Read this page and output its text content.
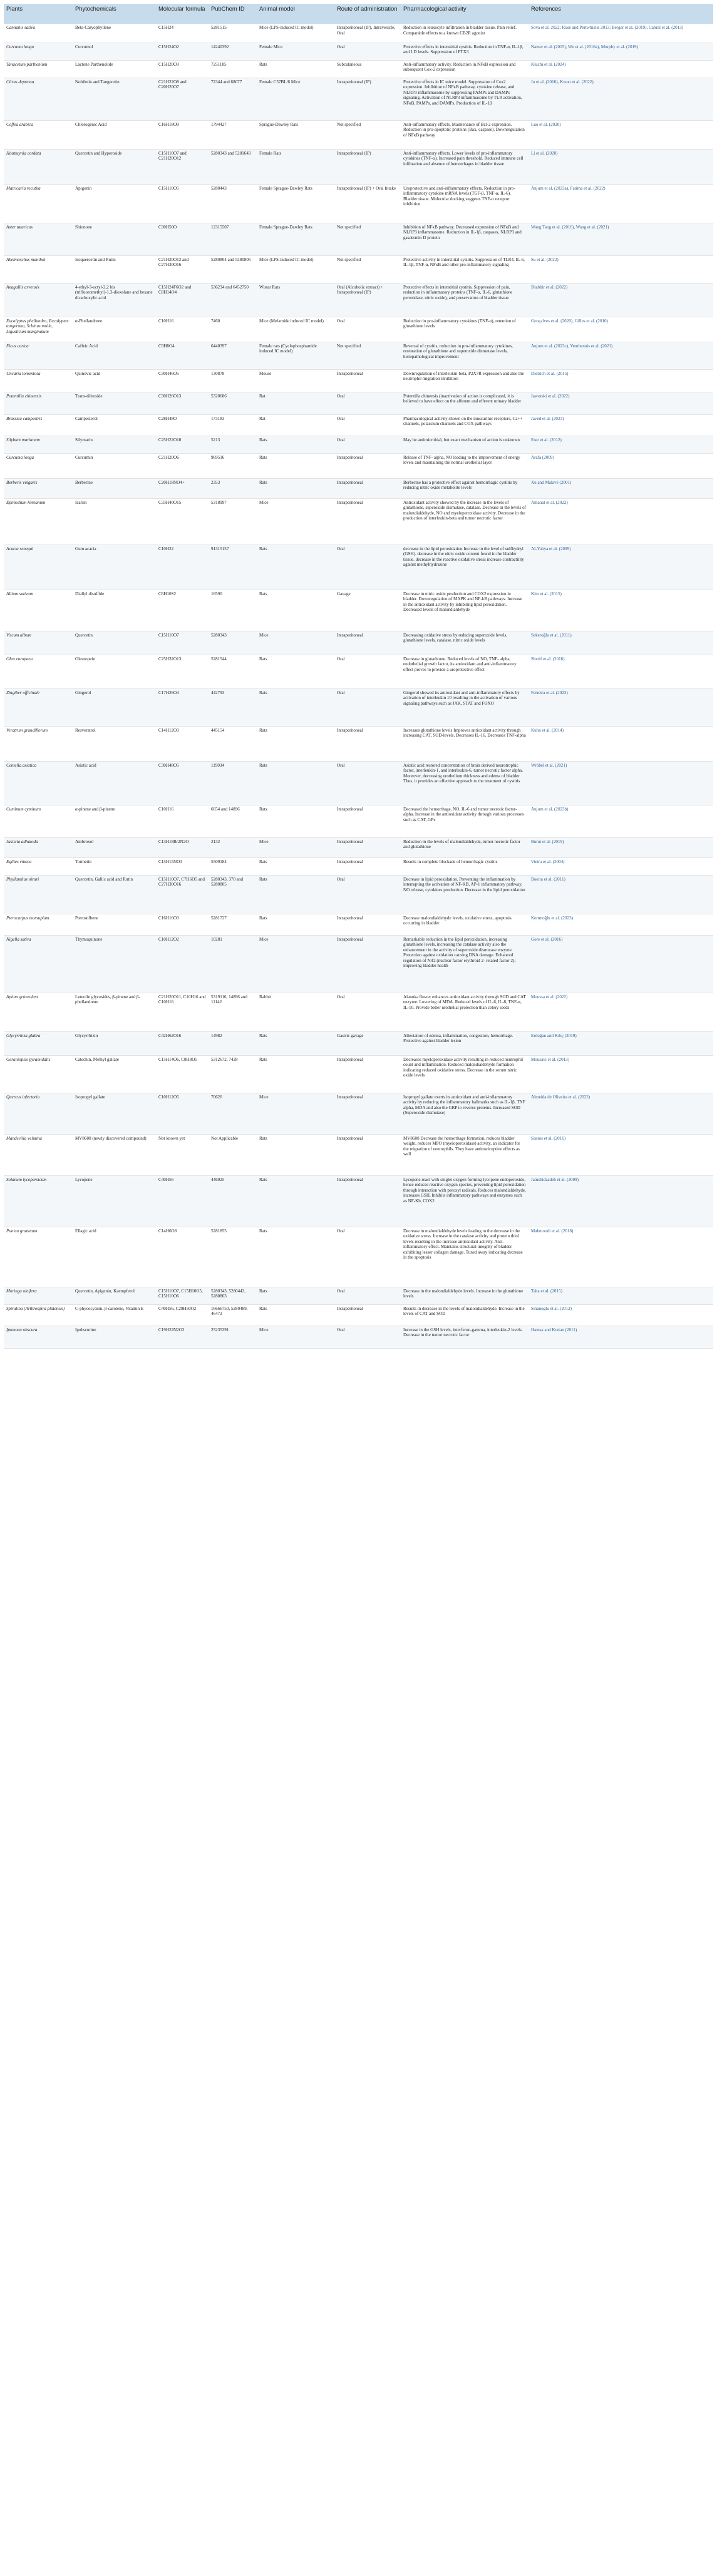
Plants	Phytochemicals	Molecular formula	PubChem ID	Animal model	Route of administration	Pharmacological activity	References
Cannabis sativa	Beta-Caryophyllene	C15H24	5281515	Mice (LPS-induced IC model)	Intraperitoneal (IP), Intravesicle, Oral	Reduction in leukocyte infiltration in bladder tissue. Pain relief. Comparable effects to a known CB2R agonist	Sova et al. 2022; Rosé and Pertwhistle 2013; Berger et al. (2019), Cabral et al. (2013)
Curcuma longa	Curcumol	C15H24O2	14240392	Female Mice	Oral	Protective effects in interstitial cystitis. Reduction in TNF-α, IL-1β, and LD levels. Suppression of PTX3	Namer et al. (2015), Wu et al. (2016a), Murphy et al. (2019)
Tanacetum parthenium	Lactone Parthenolide	C15H20O3	7251185	Rats	Subcutaneous	Anti-inflammatory activity. Reduction in NFκB expression and subsequent Cox-2 expression	Kiuchi et al. (2024)
Citrus depressa	Nobiletin and Tangeretin	C21H22O8 and C20H20O7	72344 and 68077	Female C57BL/6 Mice	Intraperitoneal (IP)	Protective effects in IC mice model. Suppression of Cox2 expression. Inhibition of NFκB pathway, cytokine release, and NLRP3 inflammasome by suppressing PAMPs and DAMPs signaling. Activation of NLRP3 inflammasome by TLR activation, NFκB, PAMPs, and DAMPs. Production of IL-1β	Jo et al. (2016), Kwon et al. (2022)
Coffea arabica	Chlorogenic Acid	C16H18O9	1794427	Sprague-Dawley Rats	Not specified	Anti-inflammatory effects. Maintenance of Bcl-2 expression. Reduction in pro-apoptotic proteins (Bax, caspase). Downregulation of NFκB pathway	Luo et al. (2020)
Houttuynia cordata	Quercetin and Hyperoside	C15H10O7 and C21H20O12	5280343 and 5281643	Female Rats	Intraperitoneal (IP)	Anti-inflammatory effects. Lower levels of pro-inflammatory cytokines (TNF-α). Increased pain threshold. Reduced immune cell infiltration and absence of hemorrhages in bladder tissue	Li et al. (2020)
Matricaria recutita	Apigenin	C15H10O5	5280443	Female Sprague-Dawley Rats	Intraperitoneal (IP) + Oral Intake	Uroprotective and anti-inflammatory effects. Reduction in pro-inflammatory cytokine mRNA levels (TGF-β, TNF-α, IL-6). Bladder tissue. Molecular docking suggests TNF-α receptor inhibition	Anjum et al. (2023a), Fatima et al. (2022)
Aster tataricus	Shionone	C30H50O	12315507	Female Sprague-Dawley Rats	Not specified	Inhibition of NFκB pathway. Decreased expression of NFκB and NLRP3 inflammasome. Reduction in IL-1β, caspases, NLRP3 and gasdermin D protein	Wang Tang et al. (2016), Wang et al. (2021)
Abelmoschus manihot	Isoquercetin and Rutin	C21H20O12 and C27H30O16	5280804 and 5280805	Mice (LPS-induced IC model)	Not specified	Protective activity in interstitial cystitis. Suppression of TLR4, IL-6, IL-1β, TNF-α, NFκB and other pro-inflammatory signaling	Su et al. (2022)
Anagallis arvensis	4-ethyl-3-octyl-2,2 bis (trifluoromethyl)-1,3-dioxolane and hexane dicarboxylic acid	C15H24F6O2 and C8H14O4	536234 and 6452750	Wistar Rats	Oral (Alcoholic extract) + Intraperitoneal (IP)	Protective effects in interstitial cystitis. Suppression of pain, reduction in inflammatory proteins (TNF-α, IL-6, glutathione peroxidase, nitric oxide), and preservation of bladder tissue	Shabbir et al. (2022)
Eucalyptus phellandra, Eucalyptus tangerana, Schinus molle, Ligusticum marginatum	α-Phellandrene	C10H16	7460	Mice (Mefamide induced IC model)	Oral	Reduction in pro-inflammatory cytokines (TNF-α), retention of glutathione levels	Gonçalves et al. (2020), Gilles et al. (2010)
Ficus carica	Caffeic Acid	C9H8O4	6440397	Female rats (Cyclophosphamide induced IC model)	Not specified	Reversal of cystitis, reduction in pro-inflammatory cytokines, restoration of glutathione and superoxide dismutase levels, histopathological improvement	Anjum et al. (2023c), Vembennis et al. (2021)
Uncaria tomentosa	Quinovic acid	C30H46O5	130878	Mouse	Intraperitoneal	Downregulation of interleukin-beta, P2X7R expression and also the neutrophil migration inhibition	Dietrich et al. (2015)
Potentilla chinensis	Trans-tiliroside	C30H26O13	5320686	Rat	Oral	Potentilla chinensis (inactivation of action is complicated, it is believed to have effect on the afferent and efferent urinary bladder	Jaworski et al. (2022)
Brassica campestris	Campesterol	C28H48O	173183	Rat	Oral	Pharmacological activity shown on the muscarinic receptors, Ca++ channels, potassium channels and COX pathways	Javed et al. (2023)
Silybum marianum	Silymarin	C25H22O10	5213	Rats	Oral	May be antimicrobial, but exact mechanism of action is unknown	Eser et al. (2012)
Curcuma longa	Curcumin	C21H20O6	969516	Rats	Intraperitoneal	Release of TNF- alpha, NO leading to the improvement of energy levels and maintaining the normal urothelial layer	Arafa (2009)
Berberis vulgaris	Berberine	C20H18NO4+	2353	Rats	Intraperitoneal	Berberine has a protective effect against hemorrhagic cystitis by reducing nitric oxide metabolite levels	Xu and Malavé (2001)
Epimedium koreanum	Icariin	C33H40O15	5318997	Mice	Intraperitoneal	Antioxidant activity showed by the increase in the levels of glutathione, superoxide dismutase, catalase. Decrease in the levels of malondialdehyde, NO and myeloperoxidase activity. Decrease in the production of interleukin-beta and tumor necrotic factor	Amanat et al. (2022)
Acacia senegal	Gum acacia	C10H22	91315157	Rats	Oral	decrease in the lipid peroxidation Increase in the level of sulfhydryl (GSH). decrease in the nitric oxide content found in the bladder tissue. decrease in the reactive oxidative stress increase contractility against methylhydrazine	Al-Yahya et al. (2009)
Allium sativum	Diallyl disulfide	C6H10S2	16590	Rats	Gavage	Decrease in nitric oxide production and COX2 expression in bladder. Downregulation of MAPK and NF-kB pathways. Increase in the antioxidant activity by inhibiting lipid peroxidation. Decreased levels of malondialdehyde	Kim et al. (2015)
Viscum album	Quercetin	C15H10O7	5280343	Mice	Intraperitoneal	Decreasing oxidative stress by reducing superoxide levels, glutathione levels, catalase, nitric oxide levels	Sekeroğlu et al. (2011)
Olea europaea	Oleuropein	C25H32O13	5281544	Rats	Oral	Decrease in glutathione. Reduced levels of NO, TNF- alpha, endothelial growth factor, its antioxidant and anti-inflammatory effect proves to provide a uroprotective effect	Sherif et al. (2016)
Zingiber officinale	Gingerol	C17H26O4	442793	Rats	Oral	Gingerol showed its antioxidant and anti-inflammatory effects by activation of interleukin 10 resulting in the activation of various signaling pathways such as JAK, STAT and FOXO	Ferreira et al. (2023)
Veratrum grandiflorum	Resveratrol	C14H12O3	445154	Rats	Intraperitoneal	Increases glutathione levels Improves antioxidant activity through increasing CAT, SOD-levels. Decreases IL-16. Decreases TNF-alpha	Kuhn et al. (2014)
Centella asiatica	Asiatic acid	C30H48O5	119034	Rats	Oral	Asiatic acid restored concentration of brain derived neurotrophic factor, interleukin-1, and interleukin-6, tumor necrotic factor alpha. Moreover, decreasing urothelium thickness and edema of bladder. Thus, it provides an effective approach to the treatment of cystitis	Wróbel et al. (2021)
Cuminum cyminum	α-pinene and β-pinene	C10H16	6654 and 14896	Rats	Intraperitoneal	Decreased the hemorrhage, NO, IL-6 and tumor necrotic factor-alpha. Increase in the antioxidant activity through various processes such as CAT, GPx	Anjum et al. (2023b)
Justicia adhatoda	Ambroxol	C13H18Br2N2O	2132	Mice	Intraperitoneal	Reduction in the levels of malondialdehyde, tumor necrotic factor and glutathione	Burut et al. (2019)
Eglites vinoca	Tormetin	C15H15NO3	5509184	Rats	Intraperitoneal	Results in complete blockade of hemorrhagic cystitis	Vieira et al. (2004)
Phyllanthus niruri	Quercetin, Gallic acid and Rutin	C15H10O7, C7H6O5 and C27H30O16	5280343, 370 and 5280805	Rats	Oral	Decrease in lipid peroxidation. Preventing the inflammation by interrupting the activation of NF-KB, AP-1 inflammatory pathway, NO release, cytokines production. Decrease in the lipid peroxidation	Boeira et al. (2011)
Pterocarpus marsupium	Pterostilbene	C16H16O3	5281727	Rats	Intraperitoneal	Decrease malondialdehyde levels, oxidative stress, apoptosis occurring in bladder	Kertmoğlu et al. (2023)
Nigella sativa	Thymoquinone	C10H12O2	10281	Mice	Intraperitoneal	Remarkable reduction in the lipid peroxidation, increasing glutathione levels, increasing the catalase activity also the enhancement in the activity of superoxide dismutase enzyme. Protection against oxidation causing DNA damage. Enhanced regulation of Nrf2 (nuclear factor erythroid 2- related factor 2); improving bladder health	Gore et al. (2016)
Apium graveolens	Luteolin glycosides, β-pinene and β-phellandrene	C21H20O11, C10H16 and C10H16	5319116, 14896 and 11142	Rabbit	Oral	Alanoka flower enhances antioxidant activity through SOD and CAT enzyme. Lowering of MDA. Reduced levels of IL-6, IL-8, TNF-α, IL-10. Provide better urothelial protection than celery seeds	Moussa et al. (2022)
Glycyrrhiza glabra	Glycyrrhizin	C42H62O16	14982	Rats	Gastric gavage	Alleviation of edema, inflammation, congestion, hemorrhage. Protective against bladder lesion	Erdoğan and Kılıç (2019)
Geraniopsis pyramidalis	Catechin, Methyl gallate	C15H14O6, C8H8O5	5312672, 7428	Rats	Intraperitoneal	Decreases myeloperoxidase activity resulting in reduced neutrophil count and inflammation. Reduced malondialdehyde formation indicating reduced oxidative stress. Decrease in the serum nitric oxide levels	Mousavi et al. (2013)
Quercus infectoria	Isopropyl gallate	C10H12O5	70626	Mice	Intraperitoneal	Isopropyl gallate exerts its antioxidant and anti-inflammatory activity by reducing the inflammatory hallmarks such as IL-1β, TNF alpha, MDA and also the GRP to reverse proteins. Increased SOD (Superoxide dismutase)	Almeida de Oliveira et al. (2022)
Mandevilla velutina	MV8608 (newly discovered compound)	Not known yet	Not Applicable	Rats	Intraperitoneal	MV8608 Decrease the hemorrhage formation, reduces bladder weight, reduces MPO (myeloperoxidase) activity, an indicator for the migration of neutrophils. They have antinociceptive effects as well	Santos et al. (2016)
Solanum lycopersicum	Lycopene	C40H56	446925	Rats	Intraperitoneal	Lycopene react with singlet oxygen forming lycopene endoperoxide, hence reduces reactive oxygen species, preventing lipid peroxidation through interaction with peroxyl radicals. Reduces malondialdehyde, increases GSH. Inhibits inflammatory pathways and enzymes such as NF-Kb, COX2	Jamshidzadeh et al. (2009)
Punica granatum	Ellagic acid	C14H6O8	5281855	Rats	Oral	Decrease in malondialdehyde levels leading to the decrease in the oxidative stress. Increase in the catalase activity and protein thiol levels resulting in the increase antioxidant activity. Anti-inflammatory effect. Maintains structural integrity of bladder exhibiting lesser collagen damage. Tuned away indicating decrease in the apoptosis	Mahmoodi et al. (2018)
Moringa oleifera	Quercetin, Apigenin, Kaempferol	C15H10O7, C15H10O5, C15H10O6	5280343, 5280443, 5280863	Rats	Oral	Decrease in the malondialdehyde levels. Increase in the glutathione levels	Taha et al. (2015)
Spirulina (Arthrospira platensis)	C-phycocyanin, β-carotene, Vitamin E	C40H56, C29H50O2	16666750, 5280489, 46472	Rats	Intraperitoneal	Results in decrease in the levels of malondialdehyde. Increase in the levels of CAT and SOD	Sinanoglu et al. (2012)
Ipomoea obscura	Ipobscurine	C19H22N2O2	25235391	Mice	Oral	Increase in the GSH levels, interferon-gamma, interleukin-2 levels. Decrease in the tumor necrotic factor	Hamsa and Kuttan (2011)
